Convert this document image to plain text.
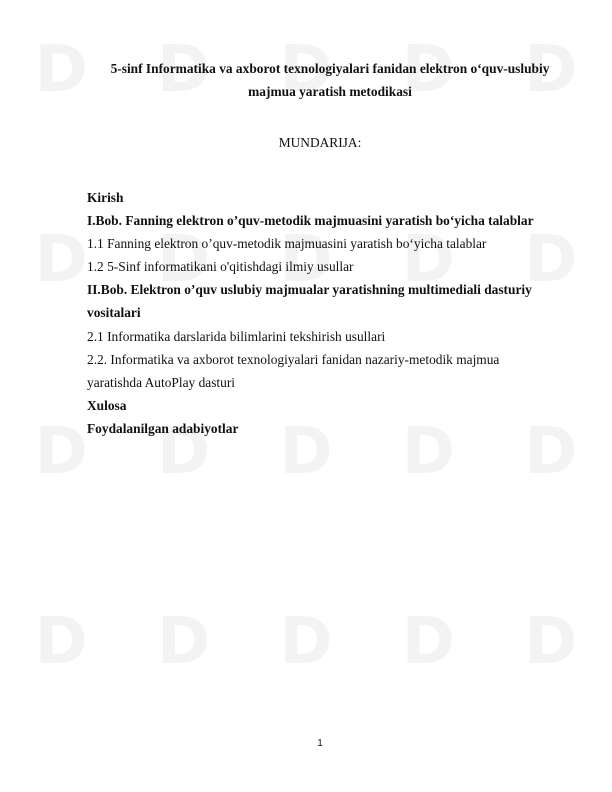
5-sinf Informatika va axborot texnologiyalari fanidan elektron o‘quv-uslubiy majmua yaratish metodikasi
MUNDARIJA:
Kirish
I.Bob. Fanning elektron o’quv-metodik majmuasini yaratish bo‘yicha talablar
1.1 Fanning elektron o’quv-metodik majmuasini yaratish bo‘yicha talablar
1.2 5-Sinf informatikani o'qitishdagi ilmiy usullar
II.Bob. Elektron o’quv uslubiy majmualar yaratishning multimediali dasturiy vositalari
2.1 Informatika darslarida bilimlarini tekshirish usullari
2.2. Informatika va axborot texnologiyalari fanidan nazariy-metodik majmua yaratishda AutoPlay dasturi
Xulosa
Foydalanilgan adabiyotlar
1
